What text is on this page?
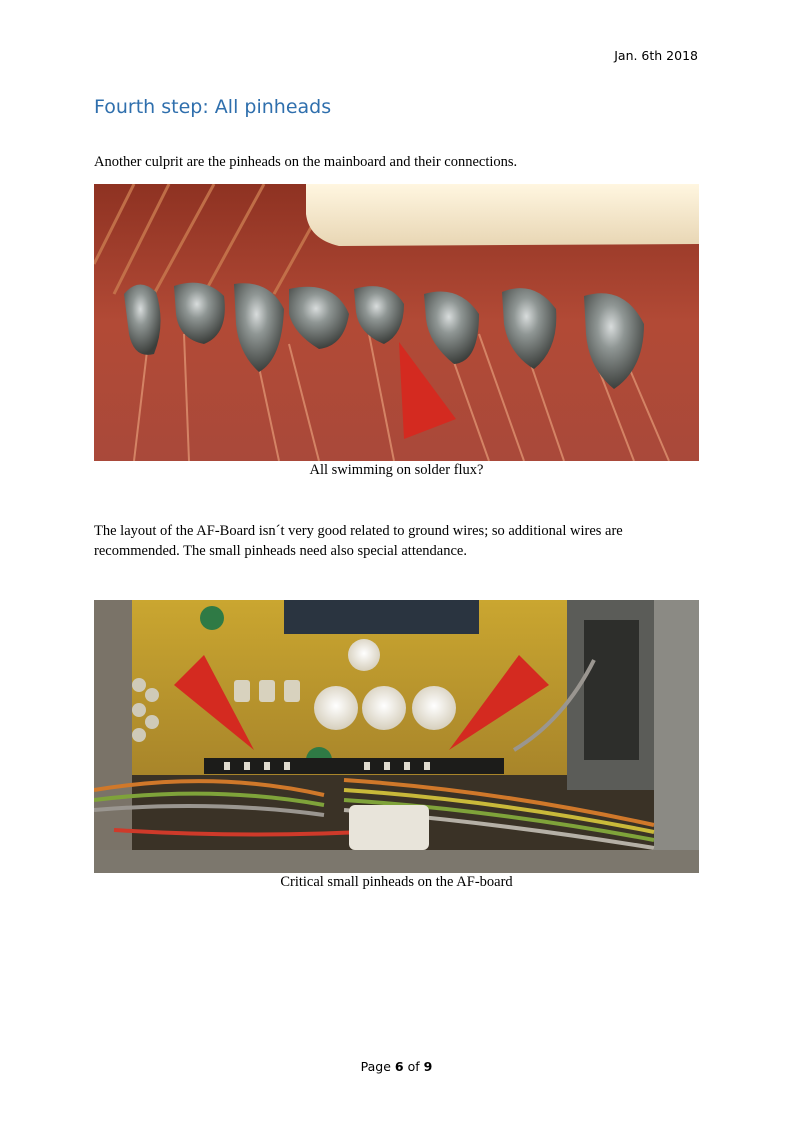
Jan. 6th 2018
Fourth step: All pinheads
Another culprit are the pinheads on the mainboard and their connections.
All swimming on solder flux?
The layout of the AF-Board isn´t very good related to ground wires; so additional wires are recommended. The small pinheads need also special attendance.
Critical small pinheads on the AF-board
Page 6 of 9
